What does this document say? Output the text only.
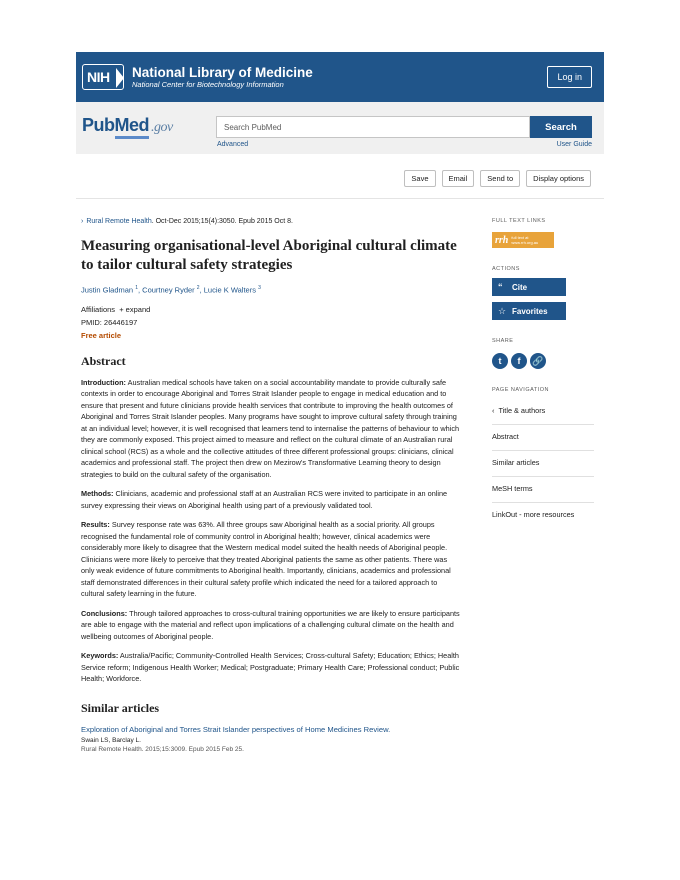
NIH National Library of Medicine
National Center for Biotechnology Information
Log in
PubMed .gov	Search PubMed	Search
Advanced	User Guide
Save	Email	Send to	Display options
› Rural Remote Health. Oct-Dec 2015;15(4):3050. Epub 2015 Oct 8.
Measuring organisational-level Aboriginal cultural climate to tailor cultural safety strategies
Justin Gladman $^1$, Courtney Ryder $^2$, Lucie K Walters $^3$
Affiliations + expand
PMID: 26446197
Free article
Abstract
Introduction: Australian medical schools have taken on a social accountability mandate to provide culturally safe contexts in order to encourage Aboriginal and Torres Strait Islander people to engage in medical education and to ensure that present and future clinicians provide health services that contribute to improving the health outcomes of Aboriginal and Torres Strait Islander peoples. Many programs have sought to improve cultural safety through training at an individual level; however, it is well recognised that learners tend to internalise the patterns of behaviour to which they are commonly exposed. This project aimed to measure and reflect on the cultural climate of an Australian rural clinical school (RCS) as a whole and the collective attitudes of three different professional groups: clinicians, clinical academics and professional staff. The project then drew on Mezirow's Transformative Learning theory to design strategies to build on the cultural safety of the organisation.
Methods: Clinicians, academic and professional staff at an Australian RCS were invited to participate in an online survey expressing their views on Aboriginal health using part of a previously validated tool.
Results: Survey response rate was 63%. All three groups saw Aboriginal health as a social priority. All groups recognised the fundamental role of community control in Aboriginal health; however, clinical academics were considerably more likely to disagree that the Western medical model suited the health needs of Aboriginal people. Clinicians were more likely to perceive that they treated Aboriginal patients the same as other patients. There was only weak evidence of future commitments to Aboriginal health. Importantly, clinicians, academics and professional staff demonstrated differences in their cultural safety profile which indicated the need for a tailored approach to cultural safety learning in the future.
Conclusions: Through tailored approaches to cross-cultural training opportunities we are likely to ensure participants are able to engage with the material and reflect upon implications of a challenging cultural climate on the health and wellbeing outcomes of Aboriginal people.
Keywords: Australia/Pacific; Community-Controlled Health Services; Cross-cultural Safety; Education; Ethics; Health Service reform; Indigenous Health Worker; Medical; Postgraduate; Primary Health Care; Professional conduct; Public Health; Workforce.
Similar articles
Exploration of Aboriginal and Torres Strait Islander perspectives of Home Medicines Review.
Swain LS, Barclay L.
Rural Remote Health. 2015;15:3009. Epub 2015 Feb 25.
FULL TEXT LINKS
rrh full text at www.rrh.org.au
ACTIONS
“	Cite
☆ Favorites
SHARE
t	f	🔗
PAGE NAVIGATION
‹ Title & authors
Abstract
Similar articles
MeSH terms
LinkOut - more resources
